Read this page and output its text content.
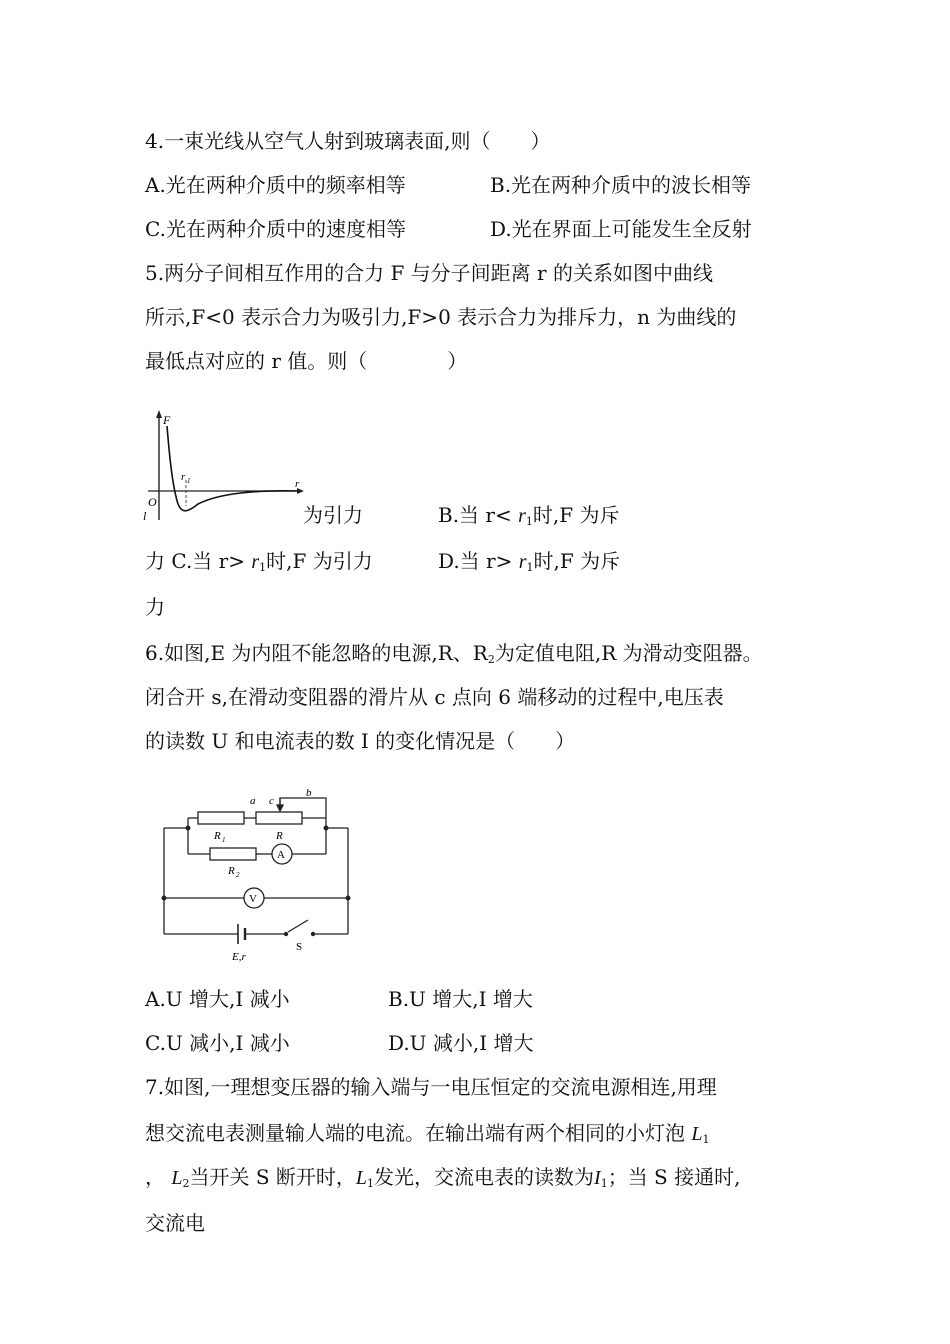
4.一束光线从空气人射到玻璃表面,则（　　）
A.光在两种介质中的频率相等	B.光在两种介质中的波长相等
C.光在两种介质中的速度相等	D.光在界面上可能发生全反射
5.两分子间相互作用的合力 F 与分子间距离 r 的关系如图中曲线
所示,F<0 表示合力为吸引力,F>0 表示合力为排斥力，n 为曲线的
最低点对应的 r 值。则（　　　　）
F
O
r 1	r
l	为引力	B.当 $r< r_1$时,F 为斥
力 C.当 $r> r_1$时,F 为引力	D.当 $r> r_1$时,F 为斥
力
6.如图,E 为内阻不能忽略的电源,R、$R_2$为定值电阻,R 为滑动变阻器。
闭合开 s,在滑动变阻器的滑片从 c 点向 6 端移动的过程中,电压表
的读数 U 和电流表的数 I 的变化情况是（　　）
a c
b
R 1	R
R 2
A
V
E,r
S
A.U 增大,I 减小	B.U 增大,I 增大
C.U 减小,I 减小	D.U 减小,I 增大
7.如图,一理想变压器的输入端与一电压恒定的交流电源相连,用理
想交流电表测量输人端的电流。在输出端有两个相同的小灯泡 $L_1$
， $L_2$当开关 S 断开时，$L_1$发光，交流电表的读数为$I_1$；当 S 接通时,
交流电
